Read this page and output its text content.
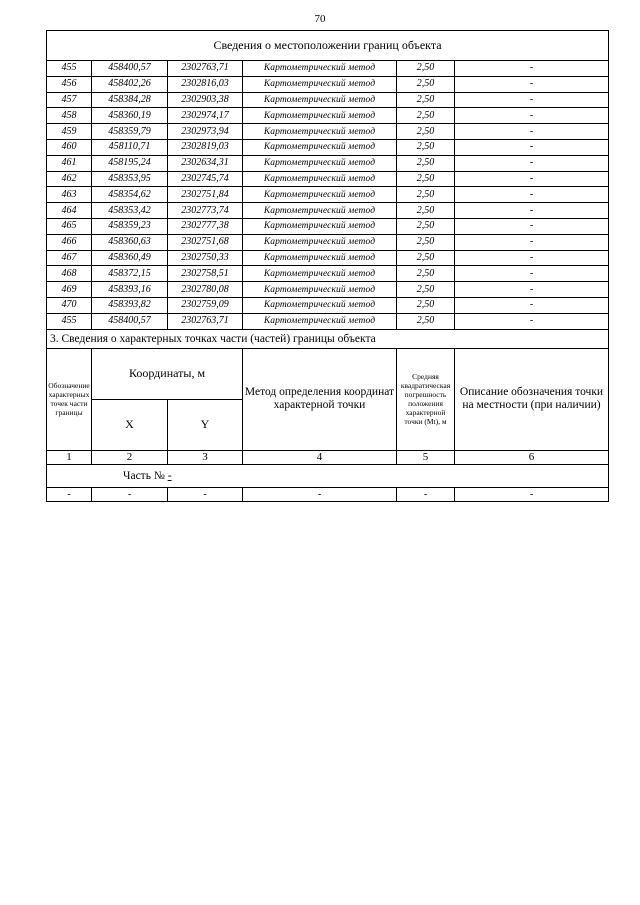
70
Сведения о местоположении границ объекта					
455	458400,57	2302763,71	Картометрический метод	2,50	-
456	458402,26	2302816,03	Картометрический метод	2,50	-
457	458384,28	2302903,38	Картометрический метод	2,50	-
458	458360,19	2302974,17	Картометрический метод	2,50	-
459	458359,79	2302973,94	Картометрический метод	2,50	-
460	458110,71	2302819,03	Картометрический метод	2,50	-
461	458195,24	2302634,31	Картометрический метод	2,50	-
462	458353,95	2302745,74	Картометрический метод	2,50	-
463	458354,62	2302751,84	Картометрический метод	2,50	-
464	458353,42	2302773,74	Картометрический метод	2,50	-
465	458359,23	2302777,38	Картометрический метод	2,50	-
466	458360,63	2302751,68	Картометрический метод	2,50	-
467	458360,49	2302750,33	Картометрический метод	2,50	-
468	458372,15	2302758,51	Картометрический метод	2,50	-
469	458393,16	2302780,08	Картометрический метод	2,50	-
470	458393,82	2302759,09	Картометрический метод	2,50	-
455	458400,57	2302763,71	Картометрический метод	2,50	-
3. Сведения о характерных точках части (частей) границы объекта					
Обозначение характерных точек части границы	Координаты, м		Метод определения координат характерной точки	Средняя квадратическая погрешность положения характерной точки (Mt), м	Описание обозначения точки на местности (при наличии)
	X	Y			
1	2	3	4	5	6
Часть № -					
-	-	-	-	-	-
